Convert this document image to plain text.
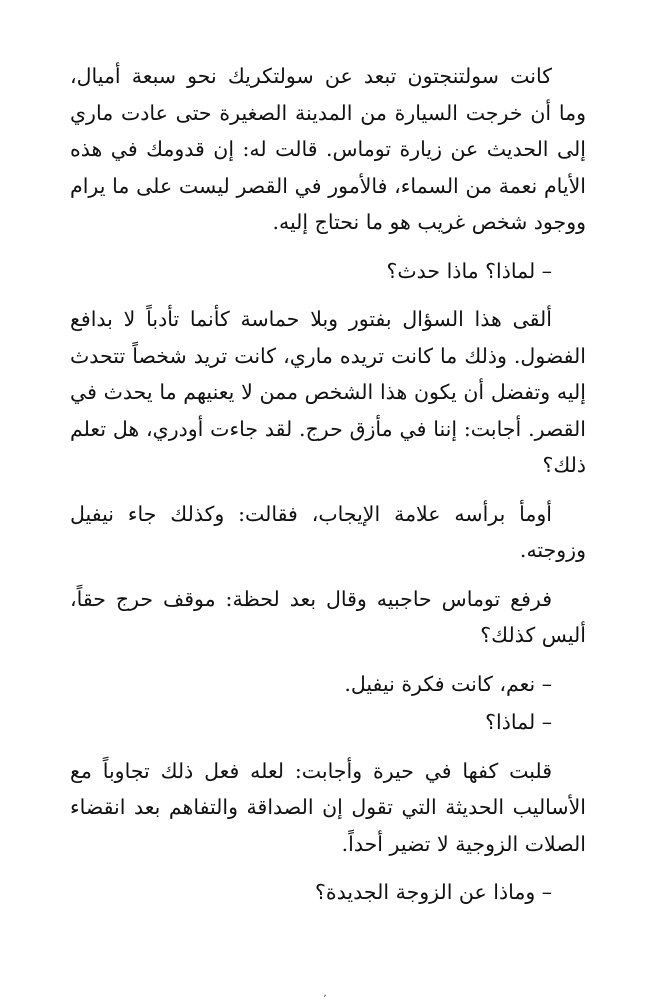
كانت سولتنجتون تبعد عن سولتكريك نحو سبعة أميال، وما أن خرجت السيارة من المدينة الصغيرة حتى عادت ماري إلى الحديث عن زيارة توماس. قالت له: إن قدومك في هذه الأيام نعمة من السماء، فالأمور في القصر ليست على ما يرام ووجود شخص غريب هو ما نحتاج إليه.

– لماذا؟ ماذا حدث؟

ألقى هذا السؤال بفتور وبلا حماسة كأنما تأدباً لا بدافع الفضول. وذلك ما كانت تريده ماري، كانت تريد شخصاً تتحدث إليه وتفضل أن يكون هذا الشخص ممن لا يعنيهم ما يحدث في القصر. أجابت: إننا في مأزق حرج. لقد جاءت أودري، هل تعلم ذلك؟

أومأ برأسه علامة الإيجاب، فقالت: وكذلك جاء نيفيل وزوجته.

فرفع توماس حاجبيه وقال بعد لحظة: موقف حرج حقاً، أليس كذلك؟

– نعم، كانت فكرة نيفيل.

– لماذا؟

قلبت كفها في حيرة وأجابت: لعله فعل ذلك تجاوباً مع الأساليب الحديثة التي تقول إن الصداقة والتفاهم بعد انقضاء الصلات الزوجية لا تضير أحداً.

– وماذا عن الزوجة الجديدة؟

‚
